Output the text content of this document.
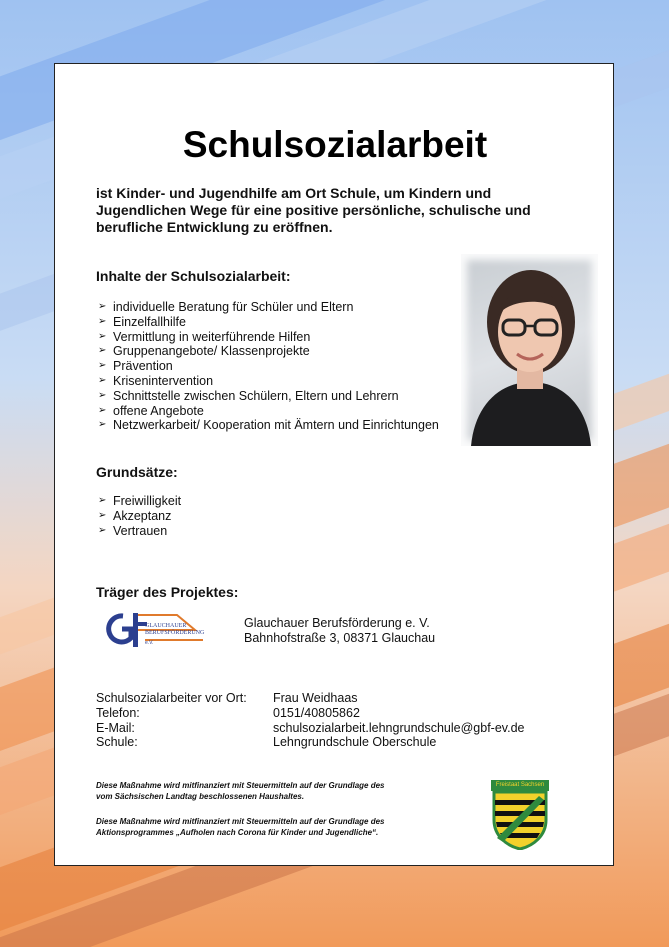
Schulsozialarbeit
ist Kinder- und Jugendhilfe am Ort Schule, um Kindern und Jugendlichen Wege für eine positive persönliche, schulische und berufliche Entwicklung zu eröffnen.
Inhalte der Schulsozialarbeit:
➢ individuelle Beratung für Schüler und Eltern
➢ Einzelfallhilfe
➢ Vermittlung in weiterführende Hilfen
➢ Gruppenangebote/ Klassenprojekte
➢ Prävention
➢ Krisenintervention
➢ Schnittstelle zwischen Schülern, Eltern und Lehrern
➢ offene Angebote
➢ Netzwerkarbeit/ Kooperation mit Ämtern und Einrichtungen
Grundsätze:
➢ Freiwilligkeit
➢ Akzeptanz
➢ Vertrauen
Träger des Projektes:
GLAUCHAUER
BERUFSFÖRDERUNG
e.V.
Glauchauer Berufsförderung e. V.
Bahnhofstraße 3, 08371 Glauchau
Schulsozialarbeiter vor Ort:	Frau Weidhaas
Telefon:	0151/40805862
E-Mail:	schulsozialarbeit.lehngrundschule@gbf-ev.de
Schule:	Lehngrundschule Oberschule
Diese Maßnahme wird mitfinanziert mit Steuermitteln auf der Grundlage des
vom Sächsischen Landtag beschlossenen Haushaltes.
Diese Maßnahme wird mitfinanziert mit Steuermitteln auf der Grundlage des
Aktionsprogrammes „Aufholen nach Corona für Kinder und Jugendliche“.
Freistaat Sachsen
